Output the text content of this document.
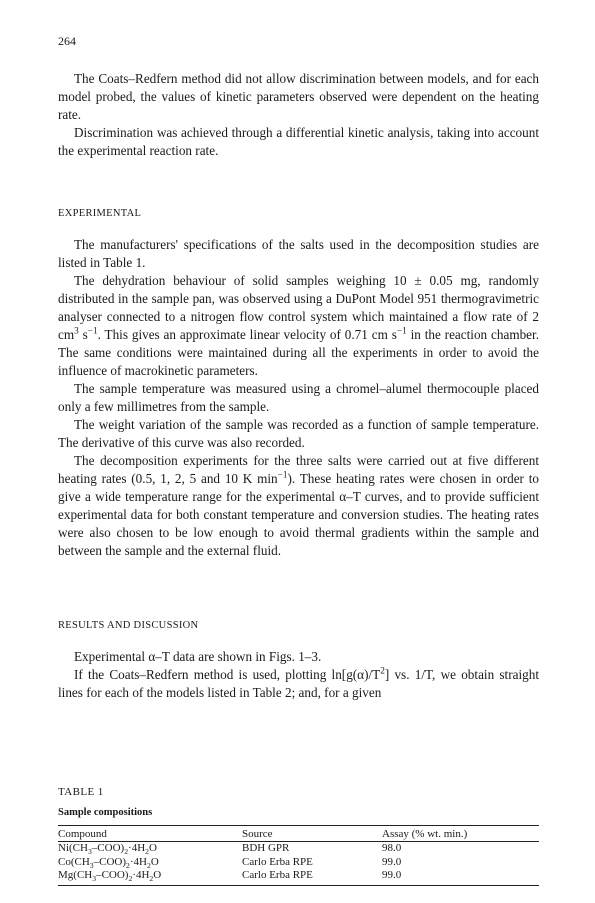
264

The Coats–Redfern method did not allow discrimination between models, and for each model probed, the values of kinetic parameters observed were dependent on the heating rate.

Discrimination was achieved through a differential kinetic analysis, taking into account the experimental reaction rate.

EXPERIMENTAL

The manufacturers' specifications of the salts used in the decomposition studies are listed in Table 1.

The dehydration behaviour of solid samples weighing 10 ± 0.05 mg, randomly distributed in the sample pan, was observed using a DuPont Model 951 thermogravimetric analyser connected to a nitrogen flow control system which maintained a flow rate of 2 $cm^3$ $s^{-1}$. This gives an approximate linear velocity of 0.71 cm $s^{-1}$ in the reaction chamber. The same conditions were maintained during all the experiments in order to avoid the influence of macrokinetic parameters.

The sample temperature was measured using a chromel–alumel thermocouple placed only a few millimetres from the sample.

The weight variation of the sample was recorded as a function of sample temperature. The derivative of this curve was also recorded.

The decomposition experiments for the three salts were carried out at five different heating rates (0.5, 1, 2, 5 and 10 K $\min^{-1}$). These heating rates were chosen in order to give a wide temperature range for the experimental α–T curves, and to provide sufficient experimental data for both constant temperature and conversion studies. The heating rates were also chosen to be low enough to avoid thermal gradients within the sample and between the sample and the external fluid.

RESULTS AND DISCUSSION

Experimental α–T data are shown in Figs. 1–3.

If the Coats–Redfern method is used, plotting $\ln[g(\alpha)/T^2]$ vs. 1/T, we obtain straight lines for each of the models listed in Table 2; and, for a given

TABLE 1
Sample compositions
Compound	Source	Assay (% wt. min.)
$Ni(CH_3-COO)_2\cdot 4H_2O$	BDH GPR	98.0
$Co(CH_3-COO)_2\cdot 4H_2O$	Carlo Erba RPE	99.0
$Mg(CH_3-COO)_2\cdot 4H_2O$	Carlo Erba RPE	99.0
